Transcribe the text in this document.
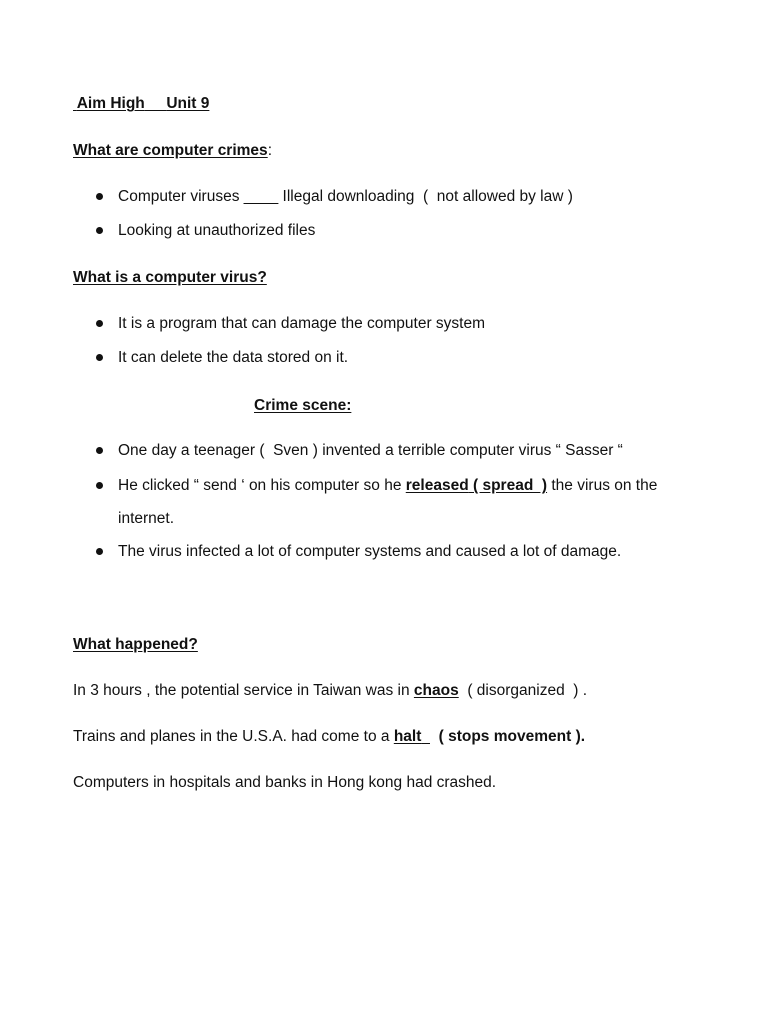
Aim High Unit 9
What are computer crimes:
Computer viruses ____ Illegal downloading  (  not allowed by law )
Looking at unauthorized files
What is a computer virus?
It is a program that can damage the computer system
It can delete the data stored on it.
Crime scene:
One day a teenager (  Sven ) invented a terrible computer virus “ Sasser “
He clicked “ send ‘ on his computer so he released ( spread  ) the virus on the
internet.
The virus infected a lot of computer systems and caused a lot of damage.
What happened?
In 3 hours , the potential service in Taiwan was in chaos  ( disorganized  ) .
Trains and planes in the U.S.A. had come to a halt ( stops movement ).
Computers in hospitals and banks in Hong kong had crashed.
